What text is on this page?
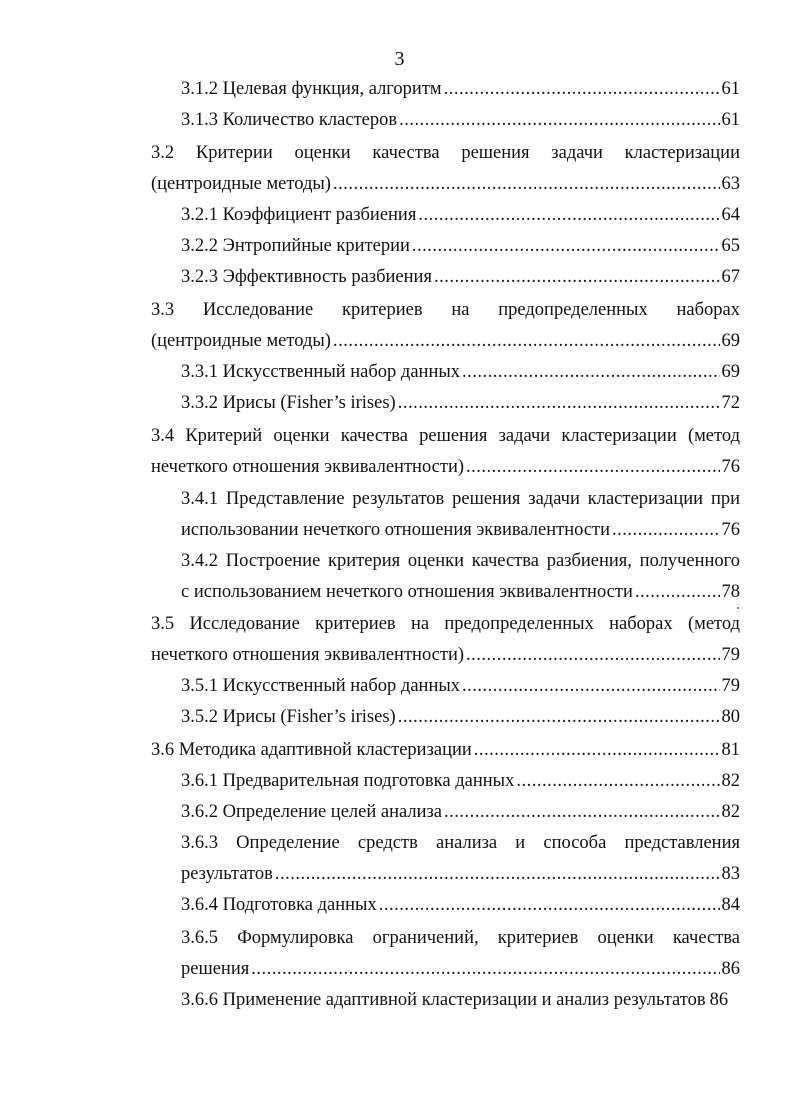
3
3.1.2 Целевая функция, алгоритм .....	61
3.1.3 Количество кластеров .....	61
3.2 Критерии оценки качества решения задачи кластеризации
(центроидные методы) .....	63
3.2.1 Коэффициент разбиения .....	64
3.2.2 Энтропийные критерии .....	65
3.2.3 Эффективность разбиения .....	67
3.3 Исследование критериев на предопределенных наборах
(центроидные методы) .....	69
3.3.1 Искусственный набор данных .....	69
3.3.2 Ирисы (Fisher’s irises) .....	72
3.4 Критерий оценки качества решения задачи кластеризации (метод
нечеткого отношения эквивалентности) .....	76
3.4.1 Представление результатов решения задачи кластеризации при
использовании нечеткого отношения эквивалентности .....	76
3.4.2 Построение критерия оценки качества разбиения, полученного
с использованием нечеткого отношения эквивалентности .....	78
3.5 Исследование критериев на предопределенных наборах (метод
нечеткого отношения эквивалентности) .....	79
3.5.1 Искусственный набор данных .....	79
3.5.2 Ирисы (Fisher’s irises) .....	80
3.6 Методика адаптивной кластеризации .....	81
3.6.1 Предварительная подготовка данных .....	82
3.6.2 Определение целей анализа .....	82
3.6.3 Определение средств анализа и способа представления
результатов .....	83
3.6.4 Подготовка данных .....	84
3.6.5 Формулировка ограничений, критериев оценки качества
решения .....	86
3.6.6 Применение адаптивной кластеризации и анализ результатов 86
